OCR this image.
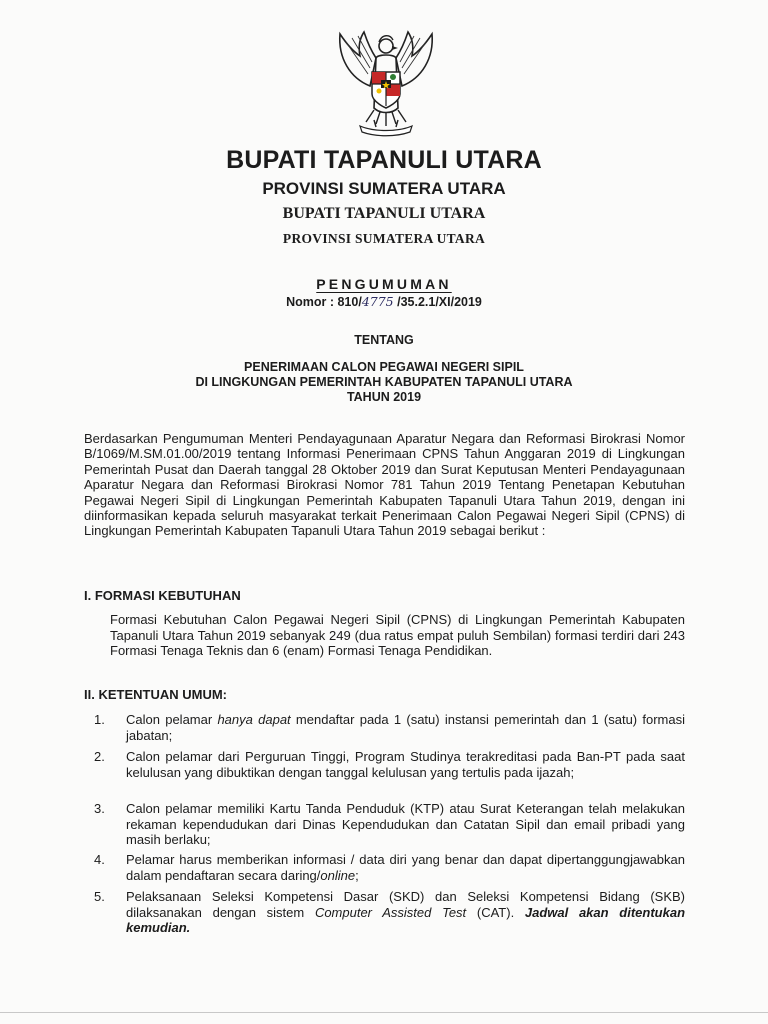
BUPATI TAPANULI UTARA
PROVINSI SUMATERA UTARA
BUPATI TAPANULI UTARA
PROVINSI SUMATERA UTARA
PENGUMUMAN
Nomor : 810/4775 /35.2.1/XI/2019
TENTANG
PENERIMAAN CALON PEGAWAI NEGERI SIPIL
DI LINGKUNGAN PEMERINTAH KABUPATEN TAPANULI UTARA
TAHUN 2019
Berdasarkan Pengumuman Menteri Pendayagunaan Aparatur Negara dan Reformasi Birokrasi Nomor B/1069/M.SM.01.00/2019 tentang Informasi Penerimaan CPNS Tahun Anggaran 2019 di Lingkungan Pemerintah Pusat dan Daerah tanggal 28 Oktober 2019 dan Surat Keputusan Menteri Pendayagunaan Aparatur Negara dan Reformasi Birokrasi Nomor 781 Tahun 2019 Tentang Penetapan Kebutuhan Pegawai Negeri Sipil di Lingkungan Pemerintah Kabupaten Tapanuli Utara Tahun 2019, dengan ini diinformasikan kepada seluruh masyarakat terkait Penerimaan Calon Pegawai Negeri Sipil (CPNS) di Lingkungan Pemerintah Kabupaten Tapanuli Utara Tahun 2019 sebagai berikut :
I. FORMASI KEBUTUHAN
Formasi Kebutuhan Calon Pegawai Negeri Sipil (CPNS) di Lingkungan Pemerintah Kabupaten Tapanuli Utara Tahun 2019 sebanyak 249 (dua ratus empat puluh Sembilan) formasi terdiri dari 243 Formasi Tenaga Teknis dan 6 (enam) Formasi Tenaga Pendidikan.
II. KETENTUAN UMUM:
1.	Calon pelamar hanya dapat mendaftar pada 1 (satu) instansi pemerintah dan 1 (satu) formasi jabatan;
2.	Calon pelamar dari Perguruan Tinggi, Program Studinya terakreditasi pada Ban-PT pada saat kelulusan yang dibuktikan dengan tanggal kelulusan yang tertulis pada ijazah;
3.	Calon pelamar memiliki Kartu Tanda Penduduk (KTP) atau Surat Keterangan telah melakukan rekaman kependudukan dari Dinas Kependudukan dan Catatan Sipil dan email pribadi yang masih berlaku;
4.	Pelamar harus memberikan informasi / data diri yang benar dan dapat dipertanggungjawabkan dalam pendaftaran secara daring/online;
5.	Pelaksanaan Seleksi Kompetensi Dasar (SKD) dan Seleksi Kompetensi Bidang (SKB) dilaksanakan dengan sistem Computer Assisted Test (CAT). Jadwal akan ditentukan kemudian.
